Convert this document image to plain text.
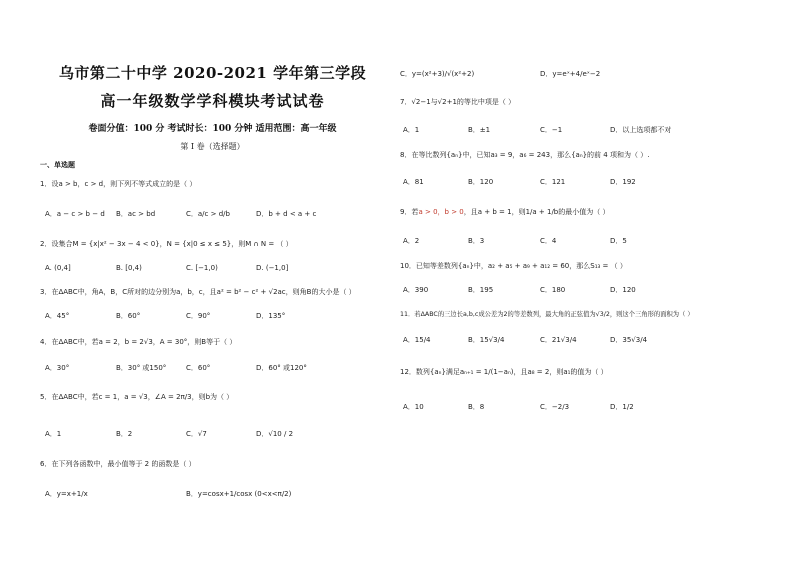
乌市第二十中学 2020-2021 学年第三学段
高一年级数学学科模块考试试卷
卷面分值：100 分 考试时长：100 分钟 适用范围：高一年级
第 I 卷（选择题）
一、单选题
1．设a > b，c > d，则下列不等式成立的是（ ）
A．a − c > b − d B．ac > bd	C．a/c > d/b	D．b + d < a + c
2．设集合M = {x|x² − 3x − 4 < 0}，N = {x|0 ≤ x ≤ 5}，则M ∩ N = （ ）
A. (0,4]	B. [0,4)	C. [−1,0)	D. (−1,0]
3．在ΔABC中，角A，B，C所对的边分别为a，b，c，且a² = b² − c² + √2ac，则角B的大小是（ ）
A．45°	B．60°	C．90°	D．135°
4．在ΔABC中，若a = 2，b = 2√3，A = 30°，则B等于（ ）
A．30°	B．30° 或150°	C．60°	D．60° 或120°
5．在ΔABC中，若c = 1，a = √3，∠A = 2π/3，则b为（ ）
A．1	B．2	C．√7	D．√10 / 2
6．在下列各函数中，最小值等于 2 的函数是（ ）
A．y=x+1/x	B．y=cosx+1/cosx (0<x<π/2)
C．y=(x²+3)/√(x²+2)	D．y=eˣ+4/eˣ−2
7．√2−1与√2+1的等比中项是（ ）
A．1	B．±1	C．−1	D．以上选项都不对
8．在等比数列{aₙ}中，已知a₃ = 9，a₆ = 243，那么{aₙ}的前 4 项和为（ ）.
A．81	B．120	C．121	D．192
9．若a > 0，b > 0，且a + b = 1，则1/a + 1/b的最小值为（ ）
A．2	B．3	C．4	D．5
10．已知等差数列{aₙ}中，a₂ + a₅ + a₉ + a₁₂ = 60，那么S₁₃ = （ ）
A．390	B．195	C．180	D．120
11．若ΔABC的三边长a,b,c成公差为2的等差数列，最大角的正弦值为√3/2，则这个三角形的面积为（ ）
A．15/4	B．15√3/4	C．21√3/4	D．35√3/4
12．数列{aₙ}满足aₙ₊₁ = 1/(1−aₙ)，且a₈ = 2，则a₁的值为（ ）
A．10	B．8	C．−2/3	D．1/2
